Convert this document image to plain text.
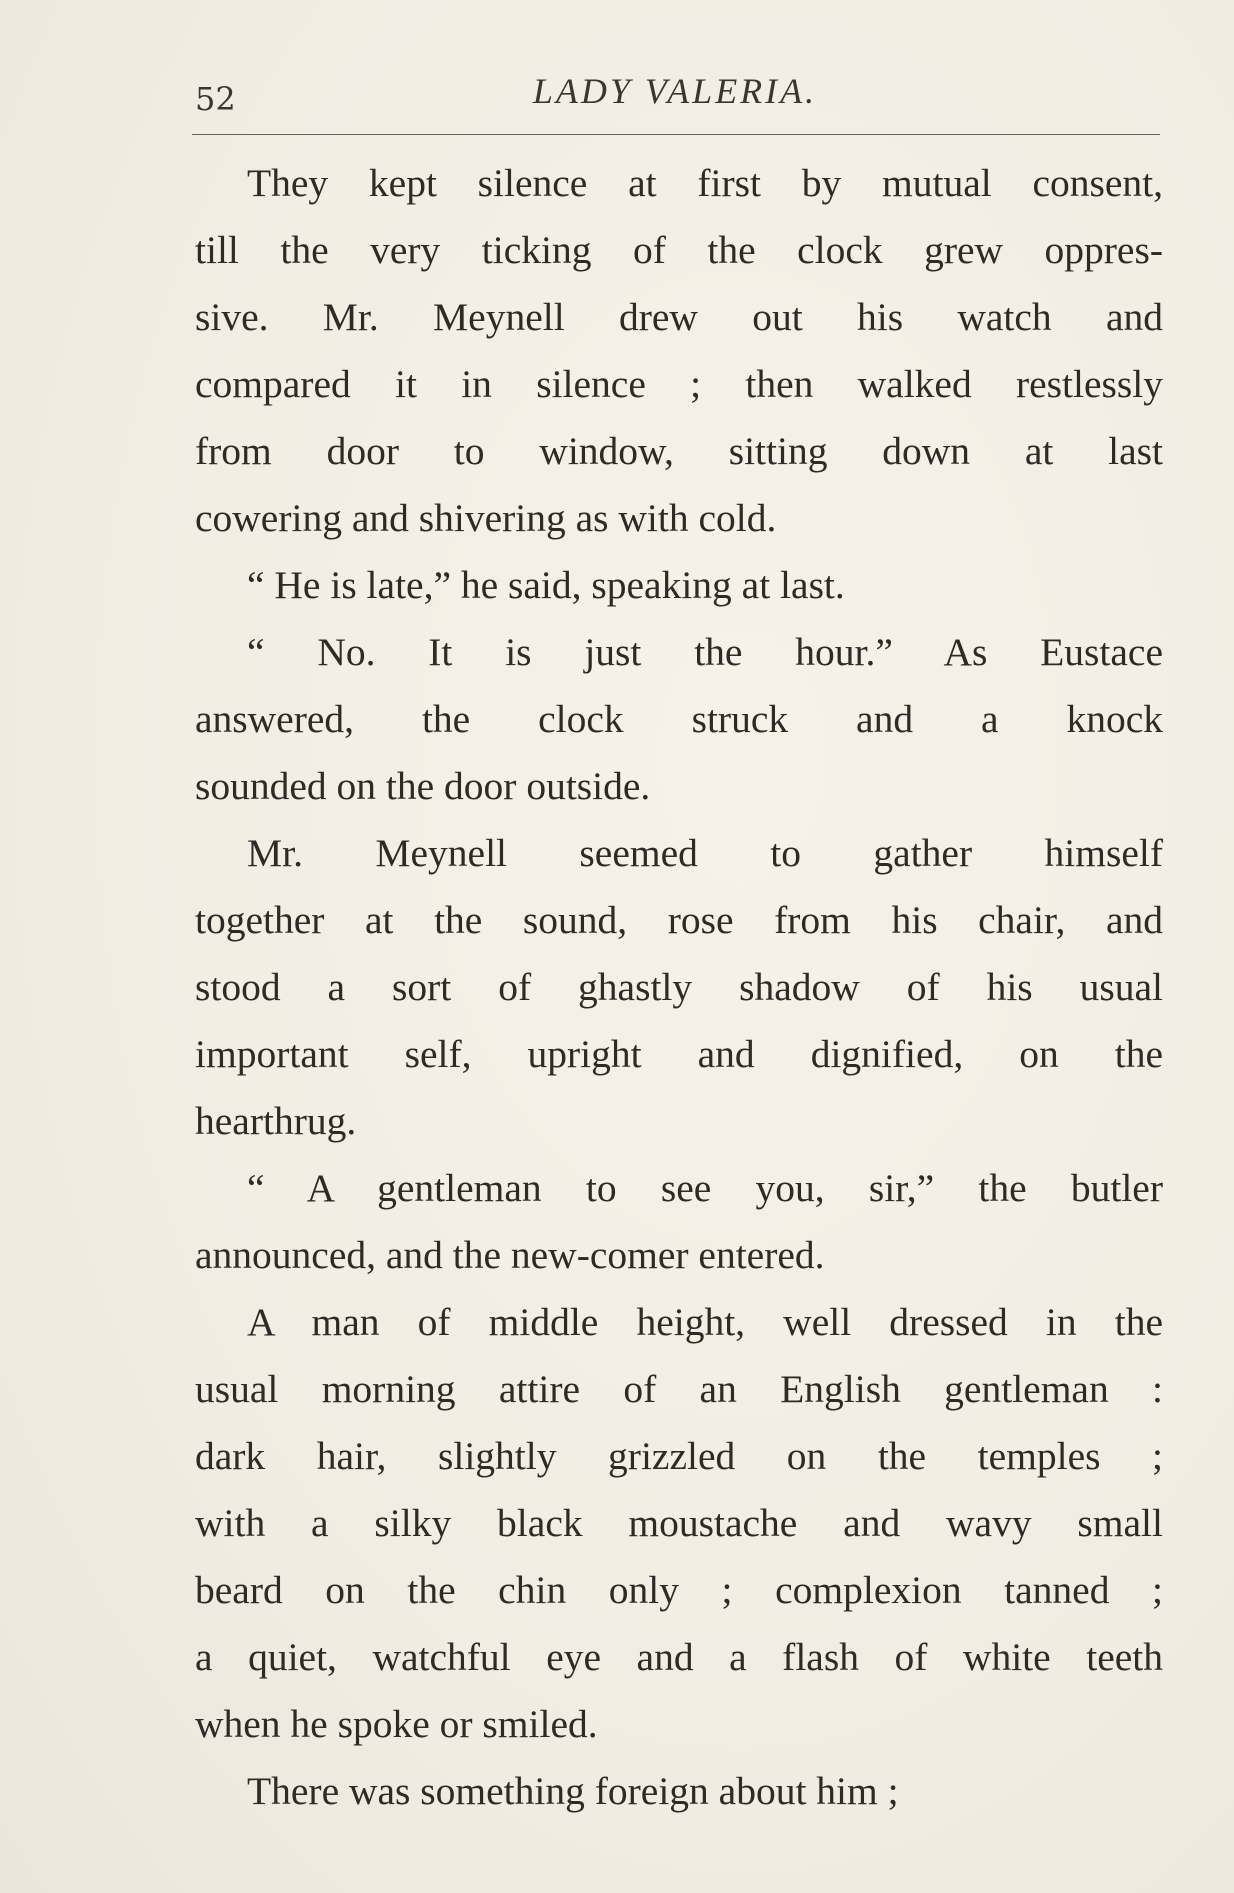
52	LADY VALERIA.
They kept silence at first by mutual consent,
till the very ticking of the clock grew oppres-
sive. Mr. Meynell drew out his watch and
compared it in silence ; then walked restlessly
from door to window, sitting down at last
cowering and shivering as with cold.
“ He is late,” he said, speaking at last.
“ No. It is just the hour.” As Eustace
answered, the clock struck and a knock
sounded on the door outside.
Mr. Meynell seemed to gather himself
together at the sound, rose from his chair, and
stood a sort of ghastly shadow of his usual
important self, upright and dignified, on the
hearthrug.
“ A gentleman to see you, sir,” the butler
announced, and the new-comer entered.
A man of middle height, well dressed in the
usual morning attire of an English gentleman :
dark hair, slightly grizzled on the temples ;
with a silky black moustache and wavy small
beard on the chin only ; complexion tanned ;
a quiet, watchful eye and a flash of white teeth
when he spoke or smiled.
There was something foreign about him ;
